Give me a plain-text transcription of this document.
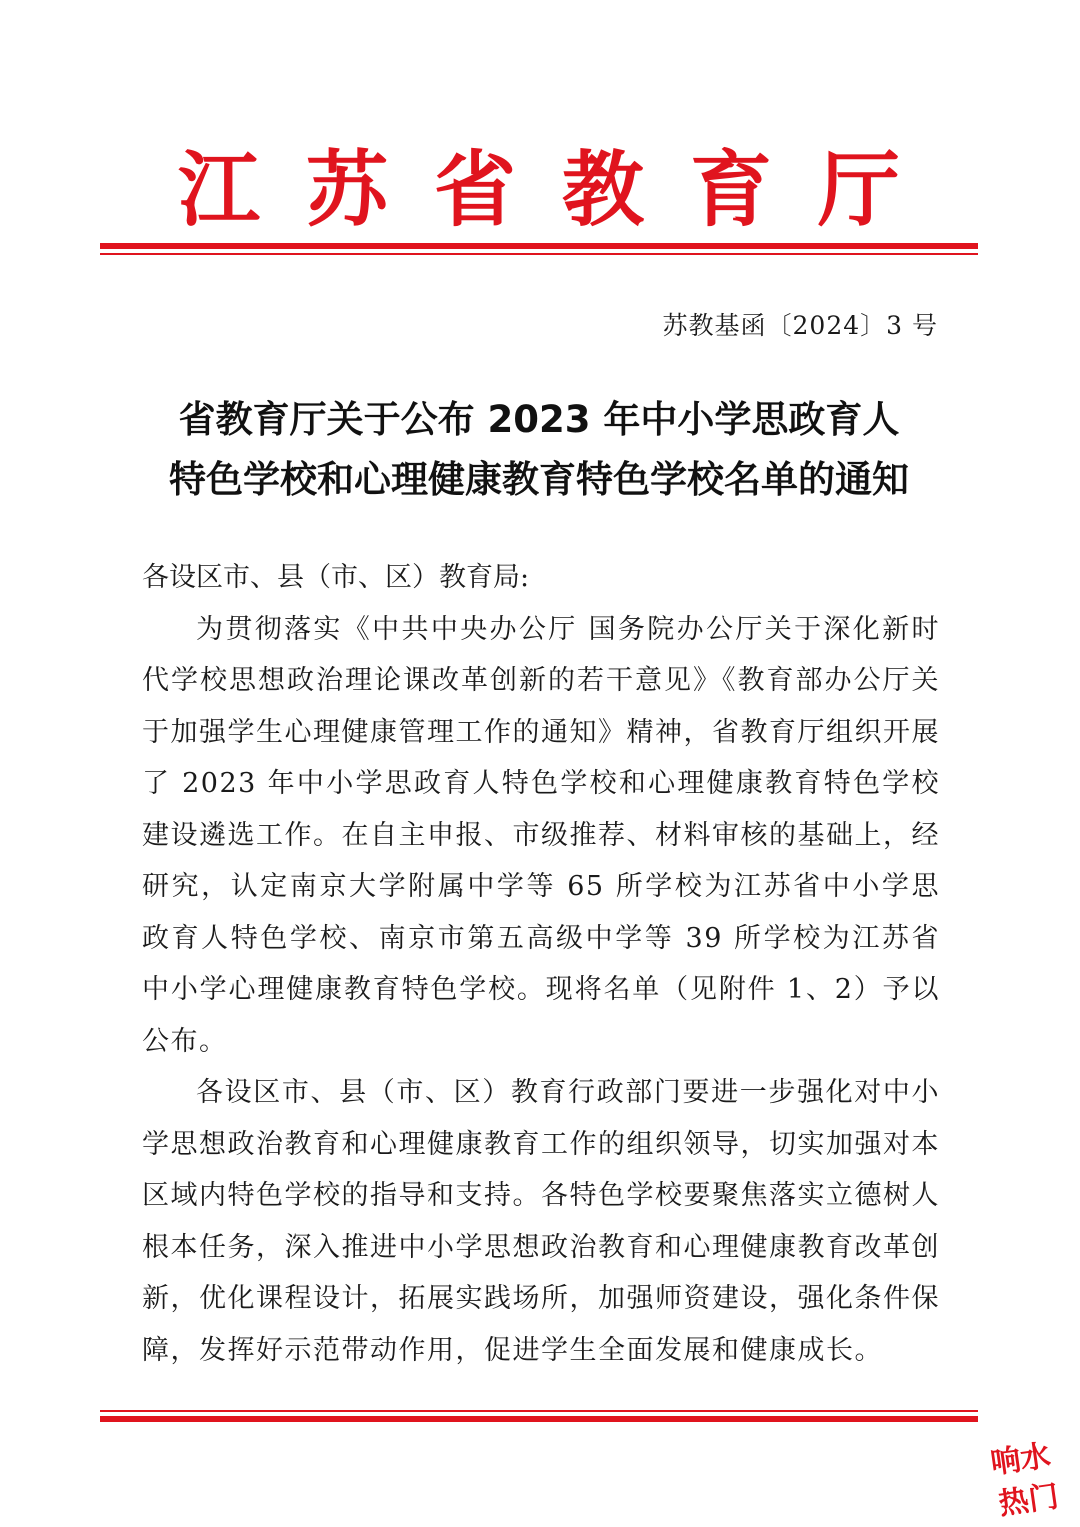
江 苏 省 教 育 厅
苏教基函〔2024〕3 号
省教育厅关于公布 2023 年中小学思政育人
特色学校和心理健康教育特色学校名单的通知

各设区市、县（市、区）教育局:

为贯彻落实《中共中央办公厅 国务院办公厅关于深化新时代学校思想政治理论课改革创新的若干意见》《教育部办公厅关于加强学生心理健康管理工作的通知》精神，省教育厅组织开展了 2023 年中小学思政育人特色学校和心理健康教育特色学校建设遴选工作。在自主申报、市级推荐、材料审核的基础上，经研究，认定南京大学附属中学等 65 所学校为江苏省中小学思政育人特色学校、南京市第五高级中学等 39 所学校为江苏省中小学心理健康教育特色学校。现将名单（见附件 1、2）予以公布。

各设区市、县（市、区）教育行政部门要进一步强化对中小学思想政治教育和心理健康教育工作的组织领导，切实加强对本区域内特色学校的指导和支持。各特色学校要聚焦落实立德树人根本任务，深入推进中小学思想政治教育和心理健康教育改革创新，优化课程设计，拓展实践场所，加强师资建设，强化条件保障，发挥好示范带动作用，促进学生全面发展和健康成长。

响水
热门
